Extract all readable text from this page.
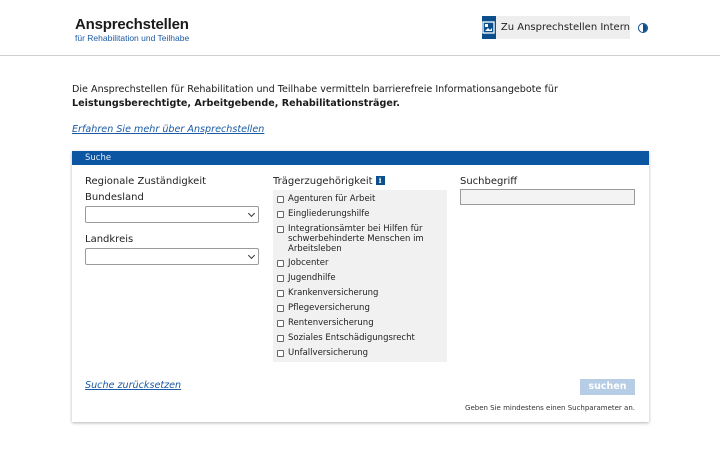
Ansprechstellen
für Rehabilitation und Teilhabe
Zu Ansprechstellen Intern

Die Ansprechstellen für Rehabilitation und Teilhabe vermitteln barrierefreie Informationsangebote für Leistungsberechtigte, Arbeitgebende, Rehabilitationsträger.

Erfahren Sie mehr über Ansprechstellen
Suche
Regionale Zuständigkeit
Bundesland
Landkreis
Trägerzugehörigkeit i
Agenturen für Arbeit
Eingliederungshilfe
Integrationsämter bei Hilfen für schwerbehinderte Menschen im Arbeitsleben
Jobcenter
Jugendhilfe
Krankenversicherung
Pflegeversicherung
Rentenversicherung
Soziales Entschädigungsrecht
Unfallversicherung
Suchbegriff
Suche zurücksetzen	suchen
Geben Sie mindestens einen Suchparameter an.
